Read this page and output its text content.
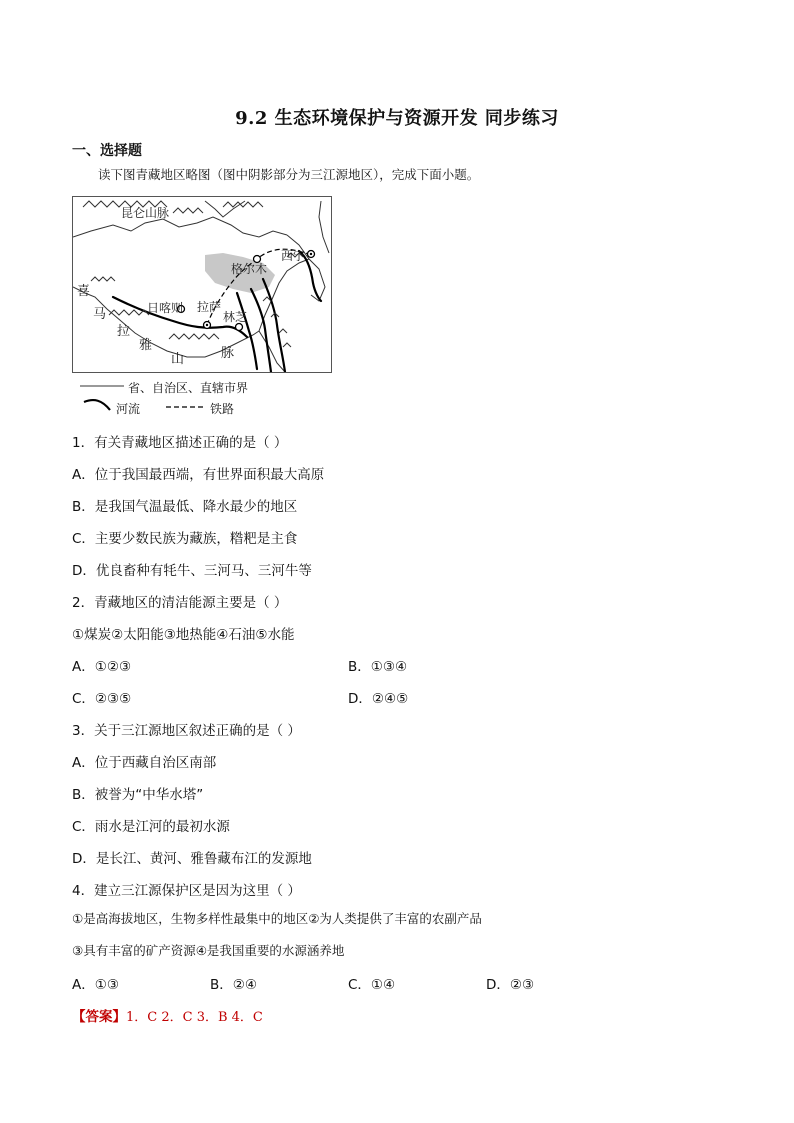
9.2 生态环境保护与资源开发 同步练习
一、选择题
读下图青藏地区略图（图中阴影部分为三江源地区），完成下面小题。
昆仑山脉
西宁
格尔木
日喀则 拉萨
林芝
喜
马
拉
雅
山	脉
省、自治区、直辖市界
河流	铁路
1．有关青藏地区描述正确的是（ ）
A．位于我国最西端，有世界面积最大高原
B．是我国气温最低、降水最少的地区
C．主要少数民族为藏族，糌粑是主食
D．优良畜种有牦牛、三河马、三河牛等
2．青藏地区的清洁能源主要是（ ）
①煤炭②太阳能③地热能④石油⑤水能
A．①②③	B．①③④
C．②③⑤	D．②④⑤
3．关于三江源地区叙述正确的是（ ）
A．位于西藏自治区南部
B．被誉为“中华水塔”
C．雨水是江河的最初水源
D．是长江、黄河、雅鲁藏布江的发源地
4．建立三江源保护区是因为这里（ ）
①是高海拔地区，生物多样性最集中的地区②为人类提供了丰富的农副产品
③具有丰富的矿产资源④是我国重要的水源涵养地
A．①③	B．②④	C．①④	D．②③
【答案】1．C 2．C 3．B 4．C
